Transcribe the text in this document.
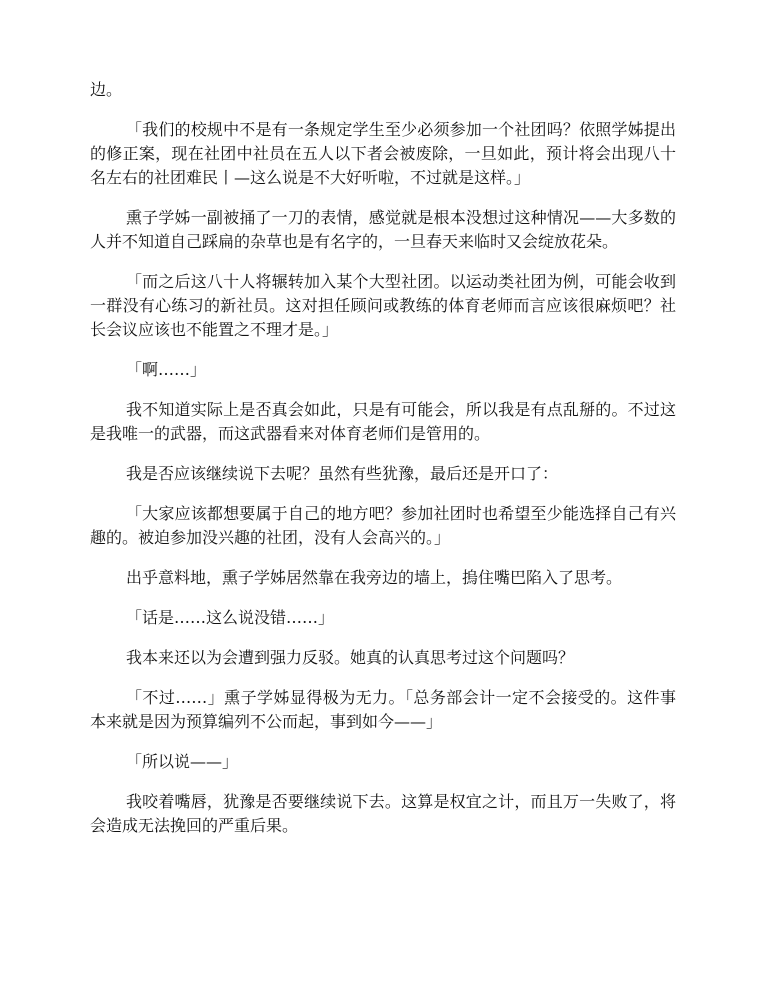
边。

「我们的校规中不是有一条规定学生至少必须参加一个社团吗？依照学姊提出的修正案，现在社团中社员在五人以下者会被废除，一旦如此，预计将会出现八十名左右的社团难民丨—这么说是不大好听啦，不过就是这样。」

熏子学姊一副被捅了一刀的表情，感觉就是根本没想过这种情况——大多数的人并不知道自己踩扁的杂草也是有名字的，一旦春天来临时又会绽放花朵。

「而之后这八十人将辗转加入某个大型社团。以运动类社团为例，可能会收到一群没有心练习的新社员。这对担任顾问或教练的体育老师而言应该很麻烦吧？社长会议应该也不能置之不理才是。」

「啊……」

我不知道实际上是否真会如此，只是有可能会，所以我是有点乱掰的。不过这是我唯一的武器，而这武器看来对体育老师们是管用的。

我是否应该继续说下去呢？虽然有些犹豫，最后还是开口了：

「大家应该都想要属于自己的地方吧？参加社团时也希望至少能选择自己有兴趣的。被迫参加没兴趣的社团，没有人会高兴的。」

出乎意料地，熏子学姊居然靠在我旁边的墙上，摀住嘴巴陷入了思考。

「话是……这么说没错……」

我本来还以为会遭到强力反驳。她真的认真思考过这个问题吗？

「不过……」熏子学姊显得极为无力。「总务部会计一定不会接受的。这件事本来就是因为预算编列不公而起，事到如今——」

「所以说——」

我咬着嘴唇，犹豫是否要继续说下去。这算是权宜之计，而且万一失败了，将会造成无法挽回的严重后果。
